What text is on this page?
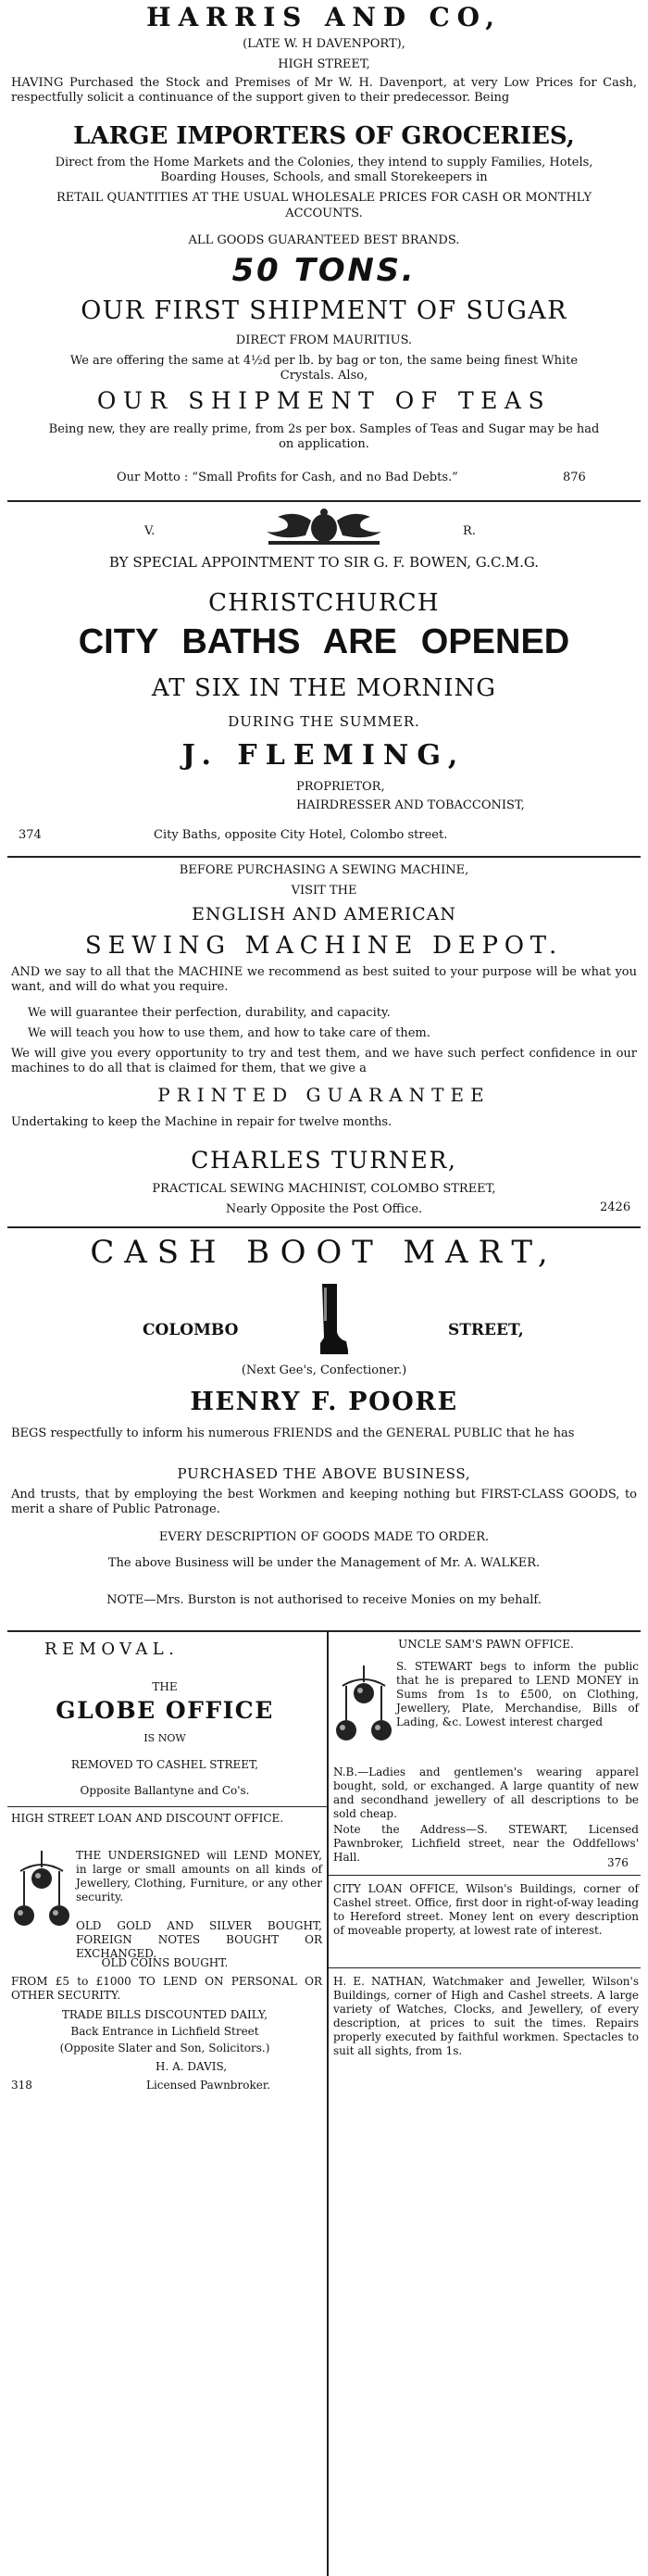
HARRIS AND CO,
(LATE W. H DAVENPORT),
HIGH STREET,
HAVING Purchased the Stock and Premises of Mr W. H. Davenport, at very Low Prices for Cash, respectfully solicit a continuance of the support given to their predecessor. Being
LARGE IMPORTERS OF GROCERIES,
Direct from the Home Markets and the Colonies, they intend to supply Families, Hotels, Boarding Houses, Schools, and small Storekeepers in
RETAIL QUANTITIES AT THE USUAL WHOLESALE PRICES FOR CASH OR MONTHLY ACCOUNTS.
ALL GOODS GUARANTEED BEST BRANDS.
50 TONS.
OUR FIRST SHIPMENT OF SUGAR
DIRECT FROM MAURITIUS.
We are offering the same at 4½d per lb. by bag or ton, the same being finest White Crystals. Also,
OUR SHIPMENT OF TEAS
Being new, they are really prime, from 2s per box. Samples of Teas and Sugar may be had on application.
Our Motto : “Small Profits for Cash, and no Bad Debts.”	876
V.	R.
BY SPECIAL APPOINTMENT TO SIR G. F. BOWEN, G.C.M.G.
CHRISTCHURCH
CITY BATHS ARE OPENED
AT SIX IN THE MORNING
DURING THE SUMMER.
J. FLEMING,
PROPRIETOR,
HAIRDRESSER AND TOBACCONIST,
374	City Baths, opposite City Hotel, Colombo street.
BEFORE PURCHASING A SEWING MACHINE,
VISIT THE
ENGLISH AND AMERICAN
SEWING MACHINE DEPOT.
AND we say to all that the MACHINE we recommend as best suited to your purpose will be what you want, and will do what you require.
We will guarantee their perfection, durability, and capacity.
We will teach you how to use them, and how to take care of them.
We will give you every opportunity to try and test them, and we have such perfect confidence in our machines to do all that is claimed for them, that we give a
PRINTED GUARANTEE
Undertaking to keep the Machine in repair for twelve months.
CHARLES TURNER,
PRACTICAL SEWING MACHINIST, COLOMBO STREET,
Nearly Opposite the Post Office.	2426
CASH BOOT MART,
COLOMBO	STREET,
(Next Gee's, Confectioner.)
HENRY F. POORE
BEGS respectfully to inform his numerous FRIENDS and the GENERAL PUBLIC that he has
PURCHASED THE ABOVE BUSINESS,
And trusts, that by employing the best Workmen and keeping nothing but FIRST-CLASS GOODS, to merit a share of Public Patronage.
EVERY DESCRIPTION OF GOODS MADE TO ORDER.
The above Business will be under the Management of Mr. A. WALKER.
NOTE—Mrs. Burston is not authorised to receive Monies on my behalf.
REMOVAL.
THE
GLOBE OFFICE
IS NOW
REMOVED TO CASHEL STREET,
Opposite Ballantyne and Co's.
HIGH STREET LOAN AND DISCOUNT OFFICE.
THE UNDERSIGNED will LEND MONEY, in large or small amounts on all kinds of Jewellery, Clothing, Furniture, or any other security.
OLD GOLD AND SILVER BOUGHT, FOREIGN NOTES BOUGHT OR EXCHANGED.
OLD COINS BOUGHT.
FROM £5 to £1000 TO LEND ON PERSONAL OR OTHER SECURITY.
TRADE BILLS DISCOUNTED DAILY,
Back Entrance in Lichfield Street
(Opposite Slater and Son, Solicitors.)
H. A. DAVIS,
318	Licensed Pawnbroker.
UNCLE SAM'S PAWN OFFICE.
S. STEWART begs to inform the public that he is prepared to LEND MONEY in Sums from 1s to £500, on Clothing, Jewellery, Plate, Merchandise, Bills of Lading, &c. Lowest interest charged
N.B.—Ladies and gentlemen's wearing apparel bought, sold, or exchanged. A large quantity of new and secondhand jewellery of all descriptions to be sold cheap.
Note the Address—S. STEWART, Licensed Pawnbroker, Lichfield street, near the Oddfellows' Hall.	376
CITY LOAN OFFICE, Wilson's Buildings, corner of Cashel street. Office, first door in right-of-way leading to Hereford street. Money lent on every description of moveable property, at lowest rate of interest.
H. E. NATHAN, Watchmaker and Jeweller, Wilson's Buildings, corner of High and Cashel streets. A large variety of Watches, Clocks, and Jewellery, of every description, at prices to suit the times. Repairs properly executed by faithful workmen. Spectacles to suit all sights, from 1s.
